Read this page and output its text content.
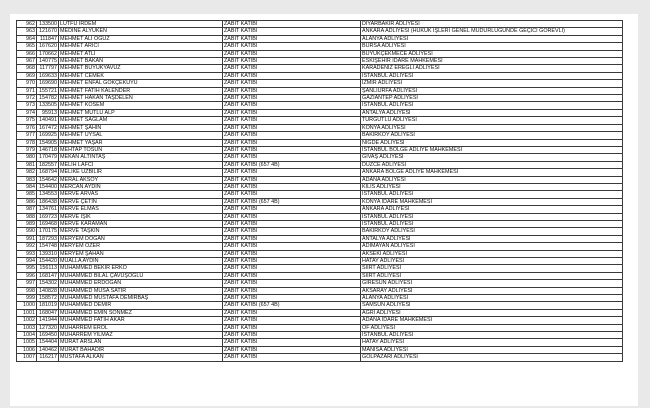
962	133500	LÜTFÜ İRDEM	ZABIT KATİBİ	DİYARBAKIR ADLİYESİ
963	121670	MEDİNE ALYÜKEN	ZABIT KATİBİ	ANKARA ADLİYESİ (HUKUK İŞLERİ GENEL MÜDÜRLÜĞÜNDE GEÇİCİ GÖREVLİ)
964	111847	MEHMET ALİ OĞUZ	ZABIT KATİBİ	ALANYA ADLİYESİ
965	167620	MEHMET ARICI	ZABIT KATİBİ	BURSA ADLİYESİ
966	170662	MEHMET ATLI	ZABIT KATİBİ	BÜYÜKÇEKMECE ADLİYESİ
967	140775	MEHMET BAKAN	ZABIT KATİBİ	ESKİŞEHİR İDARE MAHKEMESİ
968	117797	MEHMET BÜYÜKYAVUZ	ZABIT KATİBİ	KARADENİZ EREĞLİ ADLİYESİ
969	169633	MEHMET CEMEK	ZABIT KATİBİ	İSTANBUL ADLİYESİ
970	169690	MEHMET ENFAL GÖKÇEKUYU	ZABIT KATİBİ	İZMİR ADLİYESİ
971	155721	MEHMET FATİH KALENDER	ZABIT KATİBİ	ŞANLIURFA ADLİYESİ
972	154782	MEHMET HAKAN TAŞDELEN	ZABIT KATİBİ	GAZİANTEP ADLİYESİ
973	133505	MEHMET KÖSEM	ZABIT KATİBİ	İSTANBUL ADLİYESİ
974	95913	MEHMET MUTLU ALP	ZABIT KATİBİ	ANTALYA ADLİYESİ
975	140491	MEHMET SAĞLAM	ZABIT KATİBİ	TURGUTLU ADLİYESİ
976	167472	MEHMET ŞAHİN	ZABIT KATİBİ	KONYA ADLİYESİ
977	169925	MEHMET UYSAL	ZABIT KATİBİ	BAKIRKÖY ADLİYESİ
978	154905	MEHMET YAŞAR	ZABIT KATİBİ	NİĞDE ADLİYESİ
979	146718	MEHTAP TOSUN	ZABIT KATİBİ	İSTANBUL BÖLGE ADLİYE MAHKEMESİ
980	170479	MEKAN ALTINTAŞ	ZABIT KATİBİ	GİVAŞ ADLİYESİ
981	182557	MELİH LAFCI	ZABIT KATİBİ (657 4B)	DÜZCE ADLİYESİ
982	168794	MELİKE UZBİLİR	ZABIT KATİBİ	ANKARA BÖLGE ADLİYE MAHKEMESİ
983	154642	MERAL AKSOY	ZABIT KATİBİ	ADANA ADLİYESİ
984	154400	MERCAN AYDIN	ZABIT KATİBİ	KİLİS ADLİYESİ
985	134553	MERVE ARVAS	ZABIT KATİBİ	İSTANBUL ADLİYESİ
986	186438	MERVE ÇETİN	ZABIT KATİBİ (657 4B)	KONYA İDARE MAHKEMESİ
987	134761	MERVE ELMAS	ZABIT KATİBİ	ANKARA ADLİYESİ
988	169723	MERVE IŞIK	ZABIT KATİBİ	İSTANBUL ADLİYESİ
989	169468	MERVE KARAMAN	ZABIT KATİBİ	İSTANBUL ADLİYESİ
990	170175	MERVE TAŞKIN	ZABIT KATİBİ	BAKIRKÖY ADLİYESİ
991	187293	MERYEM DOĞAN	ZABIT KATİBİ	ANTALYA ADLİYESİ
992	154748	MERYEM ÖZER	ZABIT KATİBİ	ADIMAYAN ADLİYESİ
993	139310	MERYEM ŞAHAN	ZABIT KATİBİ	AKSEKİ ADLİYESİ
994	154420	MUALLA AYDIN	ZABIT KATİBİ	HATAY ADLİYESİ
995	156113	MUHAMMED BEKİR ERKO	ZABIT KATİBİ	SİİRT ADLİYESİ
996	168147	MUHAMMED BİLAL ÇAVUŞOĞLU	ZABIT KATİBİ	SİİRT ADLİYESİ
997	154302	MUHAMMED ERDOĞAN	ZABIT KATİBİ	GİRESUN ADLİYESİ
998	140828	MUHAMMED MUSA SATIR	ZABIT KATİBİ	AKSARAY ADLİYESİ
999	158572	MUHAMMED MUSTAFA DEMİRBAŞ	ZABIT KATİBİ	ALANYA ADLİYESİ
1000	181019	MUHAMMED DEMİR	ZABIT KATİBİ (657 4B)	SAMSUN ADLİYESİ
1001	168047	MUHAMMED EMİN SÖNMEZ	ZABIT KATİBİ	AĞRI ADLİYESİ
1002	141944	MUHAMMED FATİH AKAR	ZABIT KATİBİ	ADANA İDARE MAHKEMESİ
1003	127320	MUHARREM EROL	ZABIT KATİBİ	OF ADLİYESİ
1004	169450	MUHARREM YILMAZ	ZABIT KATİBİ	İSTANBUL ADLİYESİ
1005	154404	MURAT ARSLAN	ZABIT KATİBİ	HATAY ADLİYESİ
1006	140462	MURAT BAHADIR	ZABIT KATİBİ	MANİSA ADLİYESİ
1007	116217	MUSTAFA ALKAN	ZABIT KATİBİ	GÖLPAZARI ADLİYESİ
